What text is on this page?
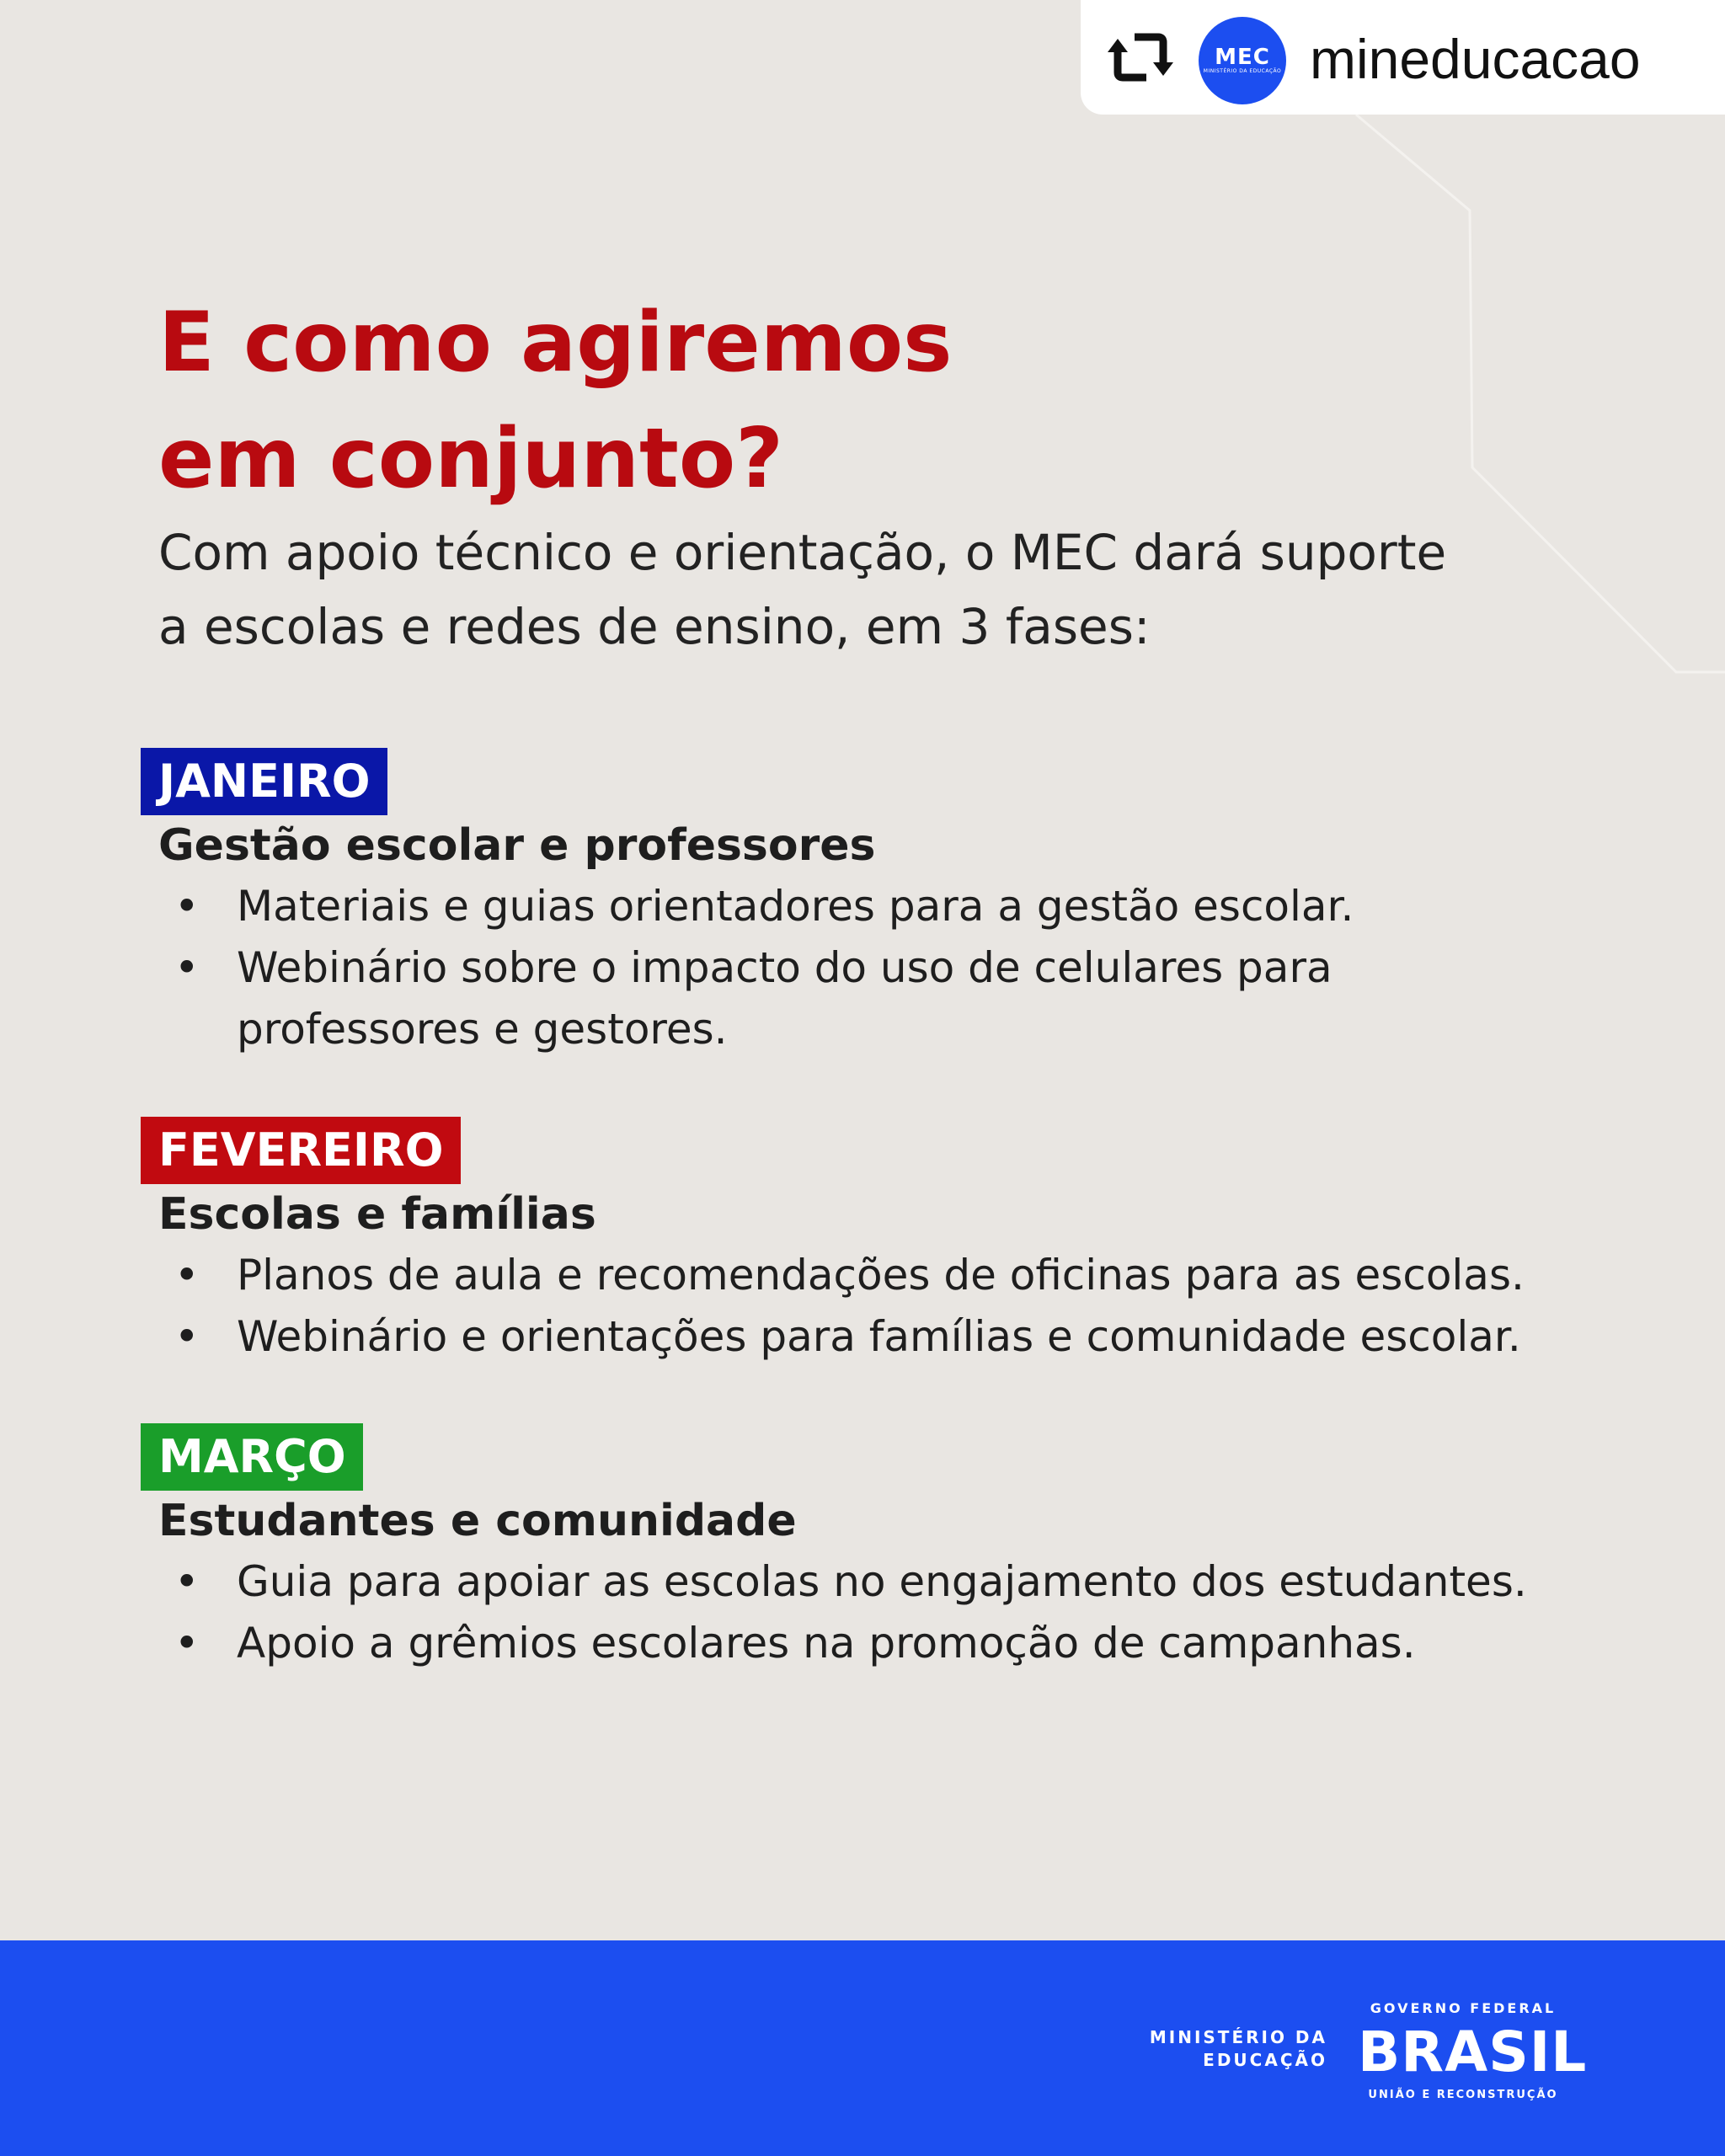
MEC
MINISTÉRIO DA EDUCAÇÃO mineducacao
E como agiremos
em conjunto?

Com apoio técnico e orientação, o MEC dará suporte
a escolas e redes de ensino, em 3 fases:

JANEIRO
Gestão escolar e professores
• Materiais e guias orientadores para a gestão escolar.
• Webinário sobre o impacto do uso de celulares para professores e gestores.
FEVEREIRO
Escolas e famílias
• Planos de aula e recomendações de oficinas para as escolas.
• Webinário e orientações para famílias e comunidade escolar.
MARÇO
Estudantes e comunidade
• Guia para apoiar as escolas no engajamento dos estudantes.
• Apoio a grêmios escolares na promoção de campanhas.
MINISTÉRIO DA
EDUCAÇÃO
GOVERNO FEDERAL
BRASIL
UNIÃO E RECONSTRUÇÃO
